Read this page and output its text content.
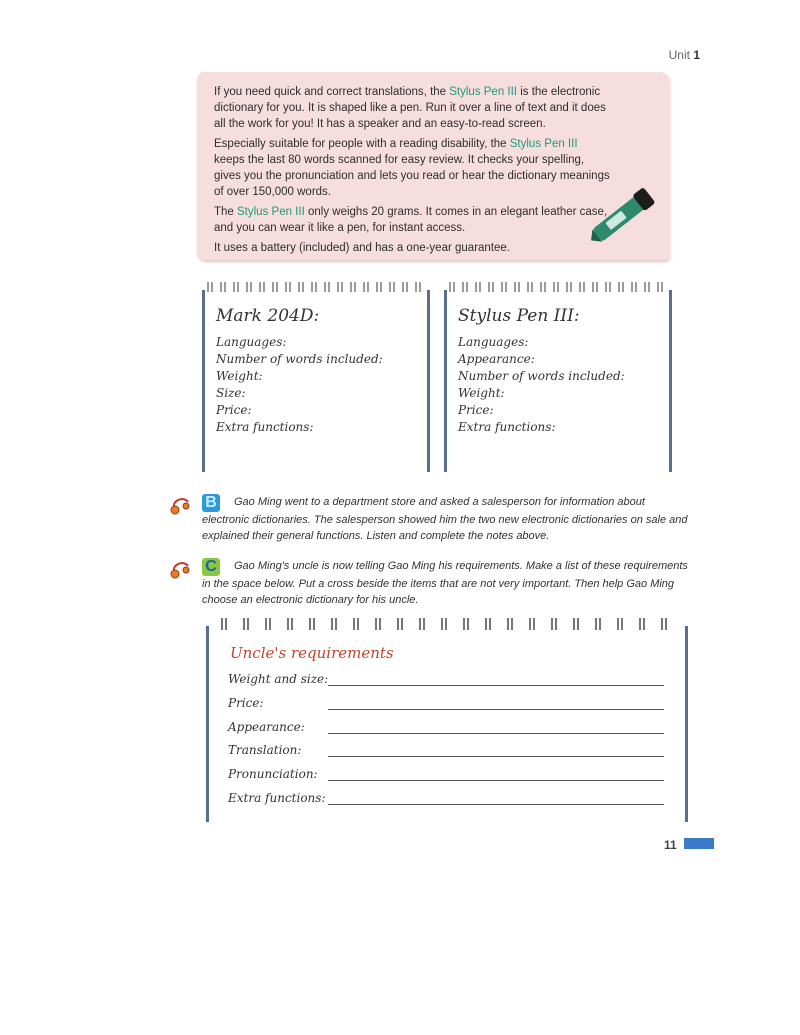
Unit 1

If you need quick and correct translations, the Stylus Pen III is the electronic dictionary for you. It is shaped like a pen. Run it over a line of text and it does all the work for you! It has a speaker and an easy-to-read screen.

Especially suitable for people with a reading disability, the Stylus Pen III keeps the last 80 words scanned for easy review. It checks your spelling, gives you the pronunciation and lets you read or hear the dictionary meanings of over 150,000 words.

The Stylus Pen III only weighs 20 grams. It comes in an elegant leather case, and you can wear it like a pen, for instant access.

It uses a battery (included) and has a one-year guarantee.

Mark 204D:
Languages:
Number of words included:
Weight:
Size:
Price:
Extra functions:
Stylus Pen III:
Languages:
Appearance:
Number of words included:
Weight:
Price:
Extra functions:
B Gao Ming went to a department store and asked a salesperson for information about electronic dictionaries. The salesperson showed him the two new electronic dictionaries on sale and explained their general functions. Listen and complete the notes above.
C Gao Ming's uncle is now telling Gao Ming his requirements. Make a list of these requirements in the space below. Put a cross beside the items that are not very important. Then help Gao Ming choose an electronic dictionary for his uncle.
Uncle's requirements
Weight and size:
Price:
Appearance:
Translation:
Pronunciation:
Extra functions:
11
